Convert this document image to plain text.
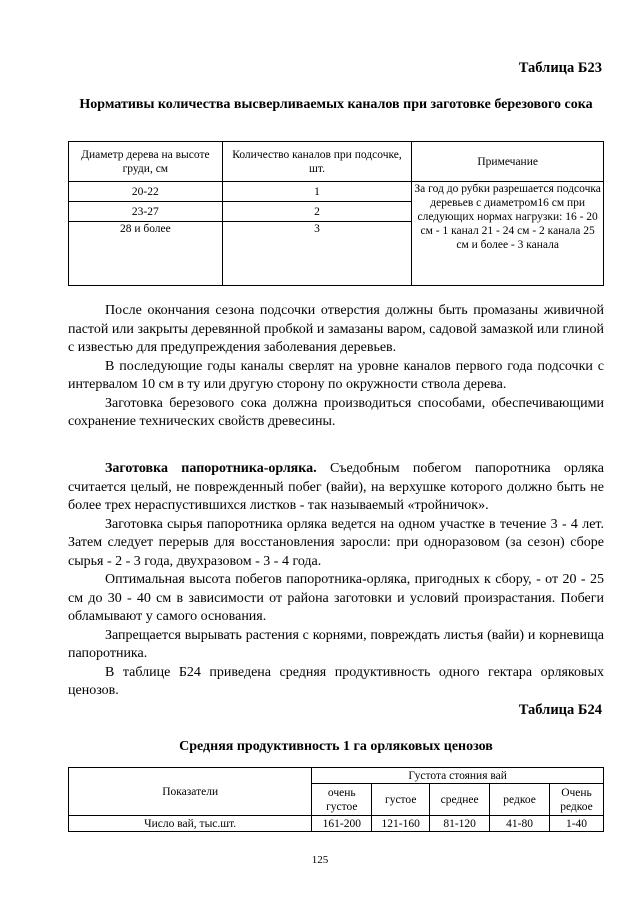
Таблица Б23
Нормативы количества высверливаемых каналов при заготовке березового сока
Диаметр дерева на высоте груди, см	Количество каналов при подсочке, шт.	Примечание
20-22	1	За год до рубки разрешается подсочка деревьев с диаметром16 см при следующих нормах нагрузки: 16 - 20 см - 1 канал 21 - 24 см - 2 канала 25 см и более - 3 канала
23-27	2	
28 и более	3	

После окончания сезона подсочки отверстия должны быть промазаны живичной пастой или закрыты деревянной пробкой и замазаны варом, садовой замазкой или глиной с известью для предупреждения заболевания деревьев.

В последующие годы каналы сверлят на уровне каналов первого года подсочки с интервалом 10 см в ту или другую сторону по окружности ствола дерева.

Заготовка березового сока должна производиться способами, обеспечивающими сохранение технических свойств древесины.

Заготовка папоротника-орляка. Съедобным побегом папоротника орляка считается целый, не поврежденный побег (вайи), на верхушке которого должно быть не более трех нераспустившихся листков - так называемый «тройничок».

Заготовка сырья папоротника орляка ведется на одном участке в течение 3 - 4 лет. Затем следует перерыв для восстановления заросли: при одноразовом (за сезон) сборе сырья - 2 - 3 года, двухразовом - 3 - 4 года.

Оптимальная высота побегов папоротника-орляка, пригодных к сбору, - от 20 - 25 см до 30 - 40 см в зависимости от района заготовки и условий произрастания. Побеги обламывают у самого основания.

Запрещается вырывать растения с корнями, повреждать листья (вайи) и корневища папоротника.

В таблице Б24 приведена средняя продуктивность одного гектара орляковых ценозов.

Таблица Б24
Средняя продуктивность 1 га орляковых ценозов
Показатели	Густота стояния вай				
	очень густое	густое	среднее	редкое	Очень редкое
Число вай, тыс.шт.	161-200	121-160	81-120	41-80	1-40
125
